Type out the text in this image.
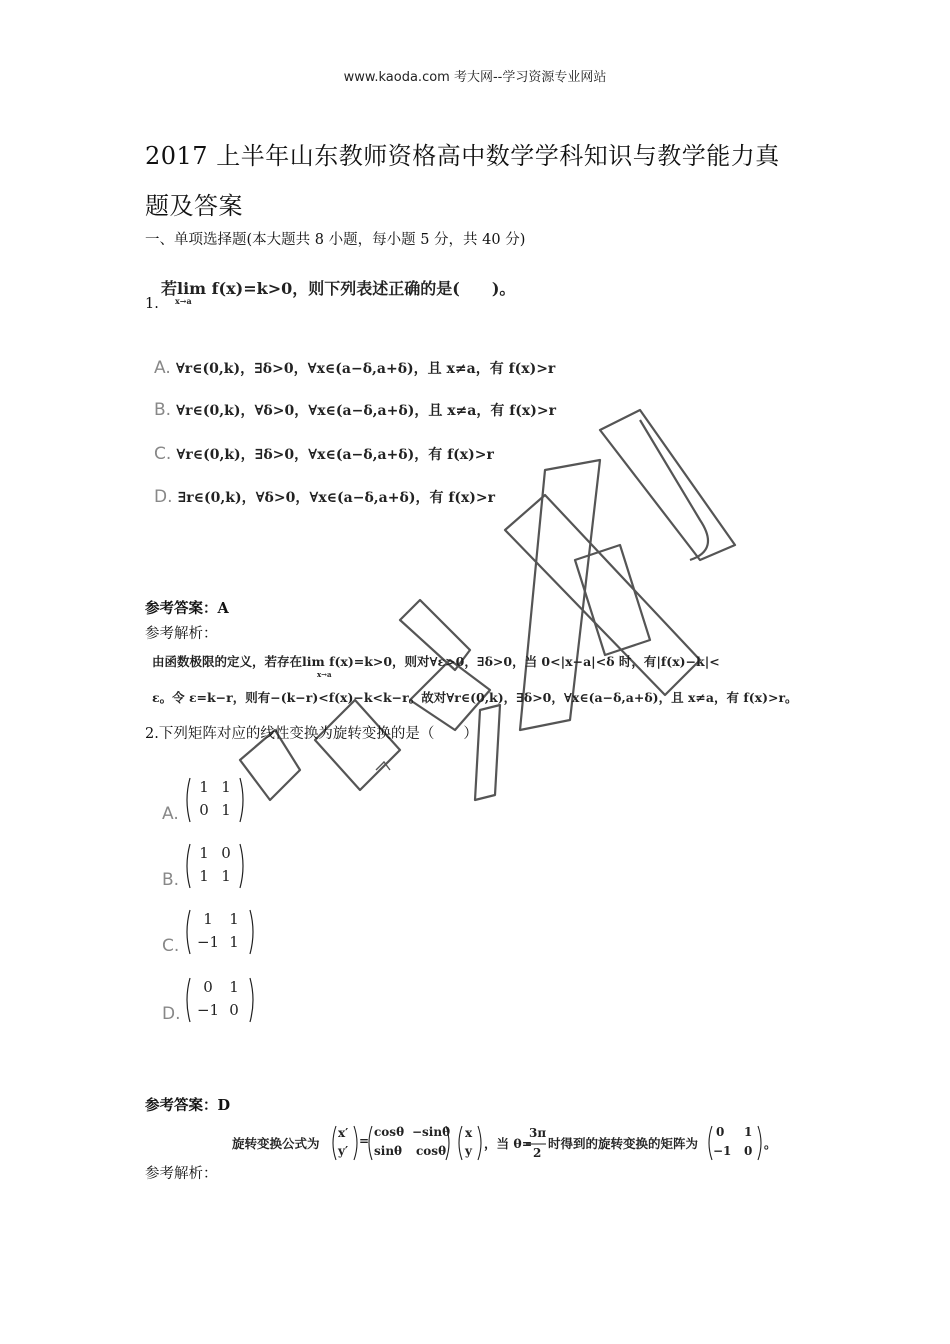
www.kaoda.com 考大网--学习资源专业网站
2017 上半年山东教师资格高中数学学科知识与教学能力真
题及答案
一、单项选择题(本大题共 8 小题，每小题 5 分，共 40 分)
若lim f(x)=k>0，则下列表述正确的是(　　)。
x→a
1.
A. ∀r∈(0,k)，∃δ>0，∀x∈(a−δ,a+δ)，且 x≠a，有 f(x)>r
B. ∀r∈(0,k)，∀δ>0，∀x∈(a−δ,a+δ)，且 x≠a，有 f(x)>r
C. ∀r∈(0,k)，∃δ>0，∀x∈(a−δ,a+δ)，有 f(x)>r
D. ∃r∈(0,k)，∀δ>0，∀x∈(a−δ,a+δ)，有 f(x)>r
参考答案：A
参考解析：
由函数极限的定义，若存在lim f(x)=k>0，则对∀ε>0，∃δ>0，当 0<|x−a|<δ 时，有|f(x)−k|<
x→a
ε。令 ε=k−r，则有−(k−r)<f(x)−k<k−r。故对∀r∈(0,k)，∃δ>0，∀x∈(a−δ,a+δ)，且 x≠a，有 f(x)>r。
2.下列矩阵对应的线性变换为旋转变换的是（　　）
A.
1 1
0 1
B.
1 0
1 1
C.
1	1
−1 1
D.
0	1
−1 0
参考答案：D
旋转变换公式为
x′
y′
=
cosθ −sinθ
sinθ cosθ
x
y ，当 θ=
3π
2
时得到的旋转变换的矩阵为
0 1
−1 0 。
参考解析：
